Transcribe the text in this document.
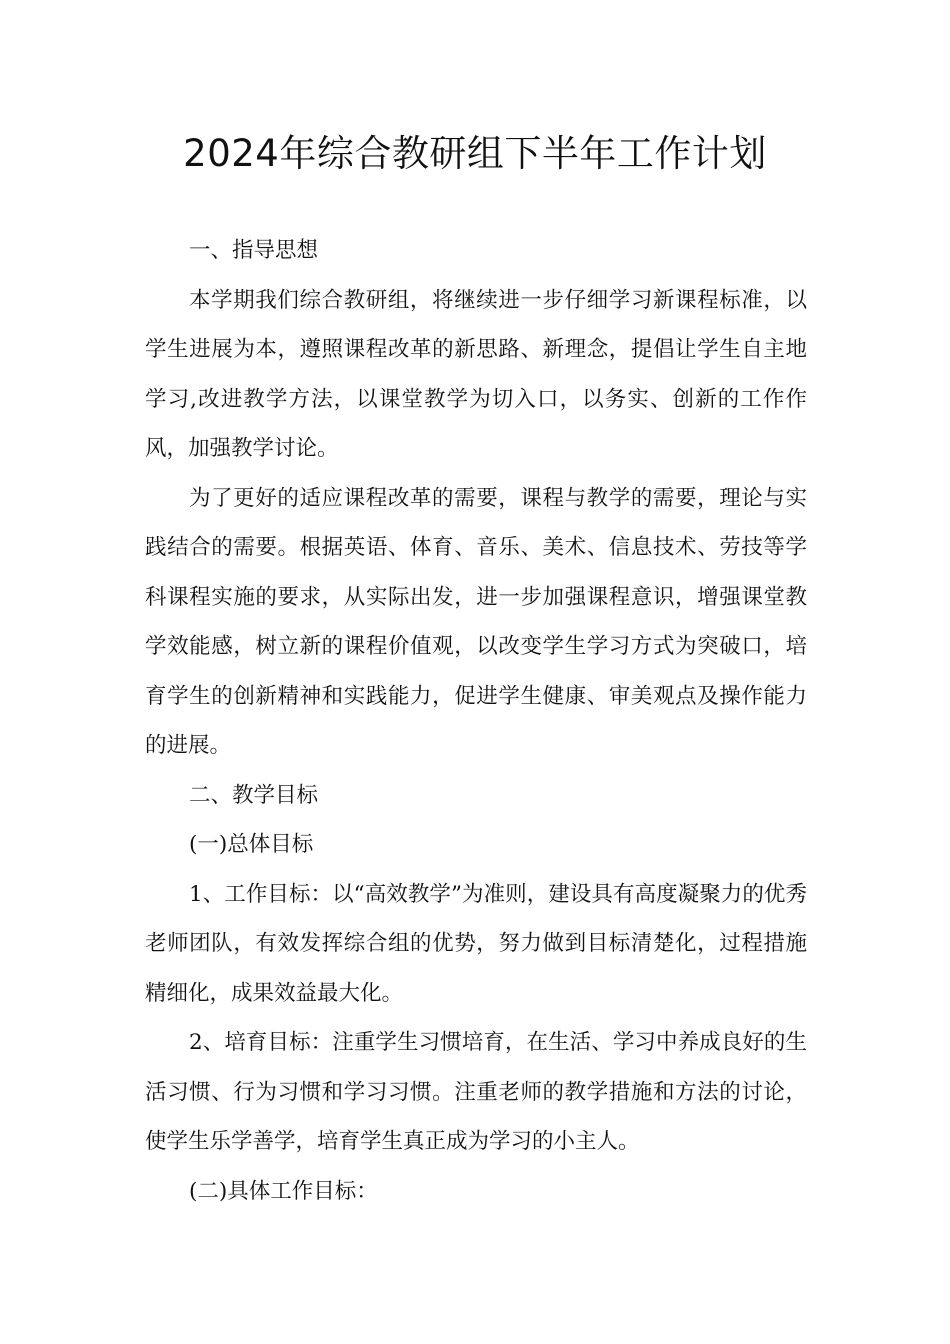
2024年综合教研组下半年工作计划

一、指导思想

本学期我们综合教研组，将继续进一步仔细学习新课程标准，以学生进展为本，遵照课程改革的新思路、新理念，提倡让学生自主地学习,改进教学方法，以课堂教学为切入口，以务实、创新的工作作风，加强教学讨论。

为了更好的适应课程改革的需要，课程与教学的需要，理论与实践结合的需要。根据英语、体育、音乐、美术、信息技术、劳技等学科课程实施的要求，从实际出发，进一步加强课程意识，增强课堂教学效能感，树立新的课程价值观，以改变学生学习方式为突破口，培育学生的创新精神和实践能力，促进学生健康、审美观点及操作能力的进展。

二、教学目标

(一)总体目标

1、工作目标：以“高效教学”为准则，建设具有高度凝聚力的优秀老师团队，有效发挥综合组的优势，努力做到目标清楚化，过程措施精细化，成果效益最大化。

2、培育目标：注重学生习惯培育，在生活、学习中养成良好的生活习惯、行为习惯和学习习惯。注重老师的教学措施和方法的讨论，使学生乐学善学，培育学生真正成为学习的小主人。

(二)具体工作目标：
